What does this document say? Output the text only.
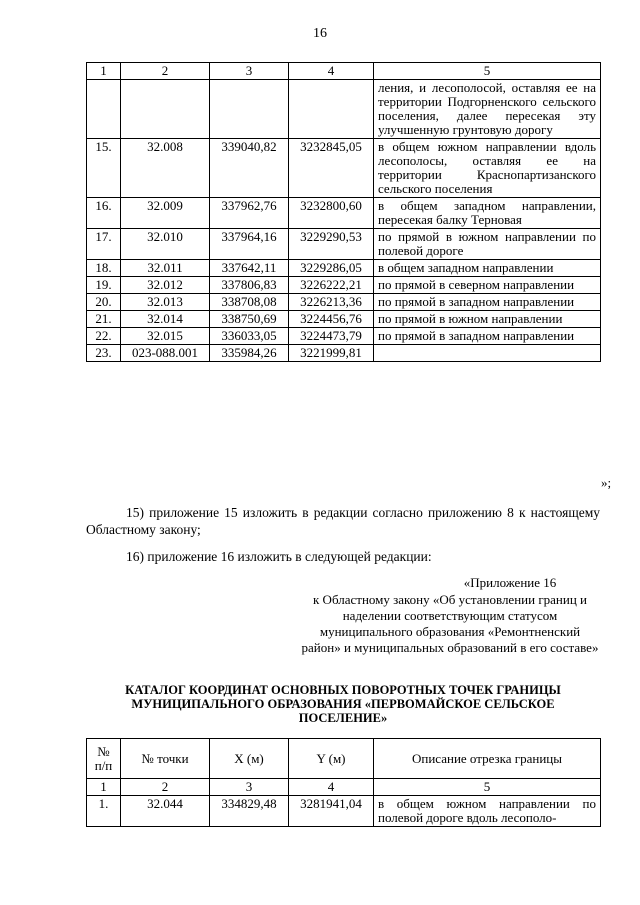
16
1	2	3	4	5
				ления, и лесополосой, оставляя ее на территории Подгорненского сельского поселения, далее пересекая эту улучшенную грунтовую дорогу
15.	32.008	339040,82	3232845,05	в общем южном направлении вдоль лесополосы, оставляя ее на территории Краснопартизанского сельского поселения
16.	32.009	337962,76	3232800,60	в общем западном направлении, пересекая балку Терновая
17.	32.010	337964,16	3229290,53	по прямой в южном направлении по полевой дороге
18.	32.011	337642,11	3229286,05	в общем западном направлении
19.	32.012	337806,83	3226222,21	по прямой в северном направлении
20.	32.013	338708,08	3226213,36	по прямой в западном направлении
21.	32.014	338750,69	3224456,76	по прямой в южном направлении
22.	32.015	336033,05	3224473,79	по прямой в западном направлении
23.	023-088.001	335984,26	3221999,81	
»;

15) приложение 15 изложить в редакции согласно приложению 8 к настоящему Областному закону;

16) приложение 16 изложить в следующей редакции:

«Приложение 16
к Областному закону «Об установлении границ и наделении соответствующим статусом муниципального образования «Ремонтненский район» и муниципальных образований в его составе»
КАТАЛОГ КООРДИНАТ ОСНОВНЫХ ПОВОРОТНЫХ ТОЧЕК ГРАНИЦЫ МУНИЦИПАЛЬНОГО ОБРАЗОВАНИЯ «ПЕРВОМАЙСКОЕ СЕЛЬСКОЕ ПОСЕЛЕНИЕ»
№ п/п	№ точки	X (м)	Y (м)	Описание отрезка границы
1	2	3	4	5
1.	32.044	334829,48	3281941,04	в общем южном направлении по полевой дороге вдоль лесополо-
